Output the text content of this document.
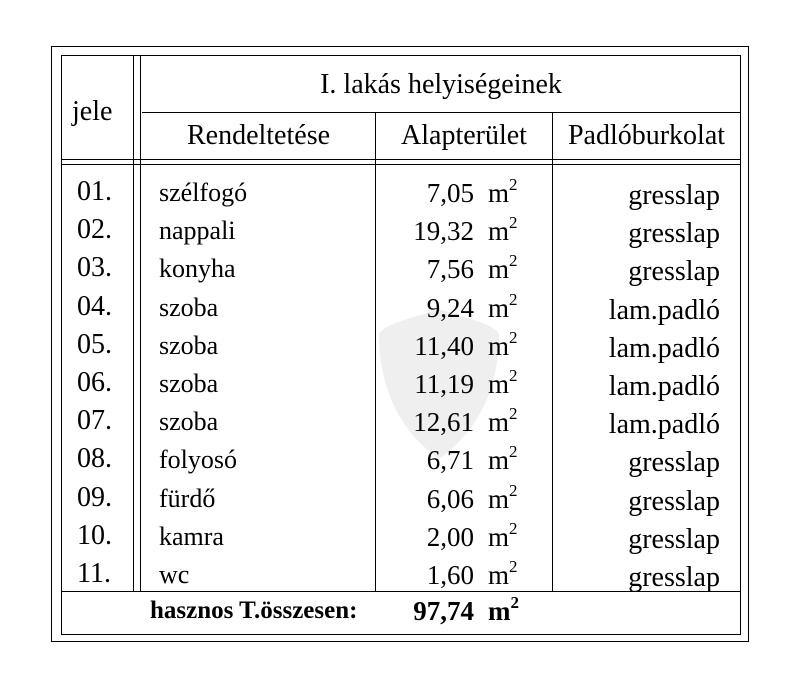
I. lakás helyiségeinek
jele
Rendeltetése	Alapterület	Padlóburkolat
01.	szélfogó	7,05 $m^2$	gresslap
02.	nappali	19,32 $m^2$	gresslap
03.	konyha	7,56 $m^2$	gresslap
04.	szoba	9,24 $m^2$	lam.padló
05.	szoba	11,40 $m^2$	lam.padló
06.	szoba	11,19 $m^2$	lam.padló
07.	szoba	12,61 $m^2$	lam.padló
08.	folyosó	6,71 $m^2$	gresslap
09.	fürdő	6,06 $m^2$	gresslap
10.	kamra	2,00 $m^2$	gresslap
11.	wc	1,60 $m^2$	gresslap
hasznos T.összesen:	97,74 $m^2$
